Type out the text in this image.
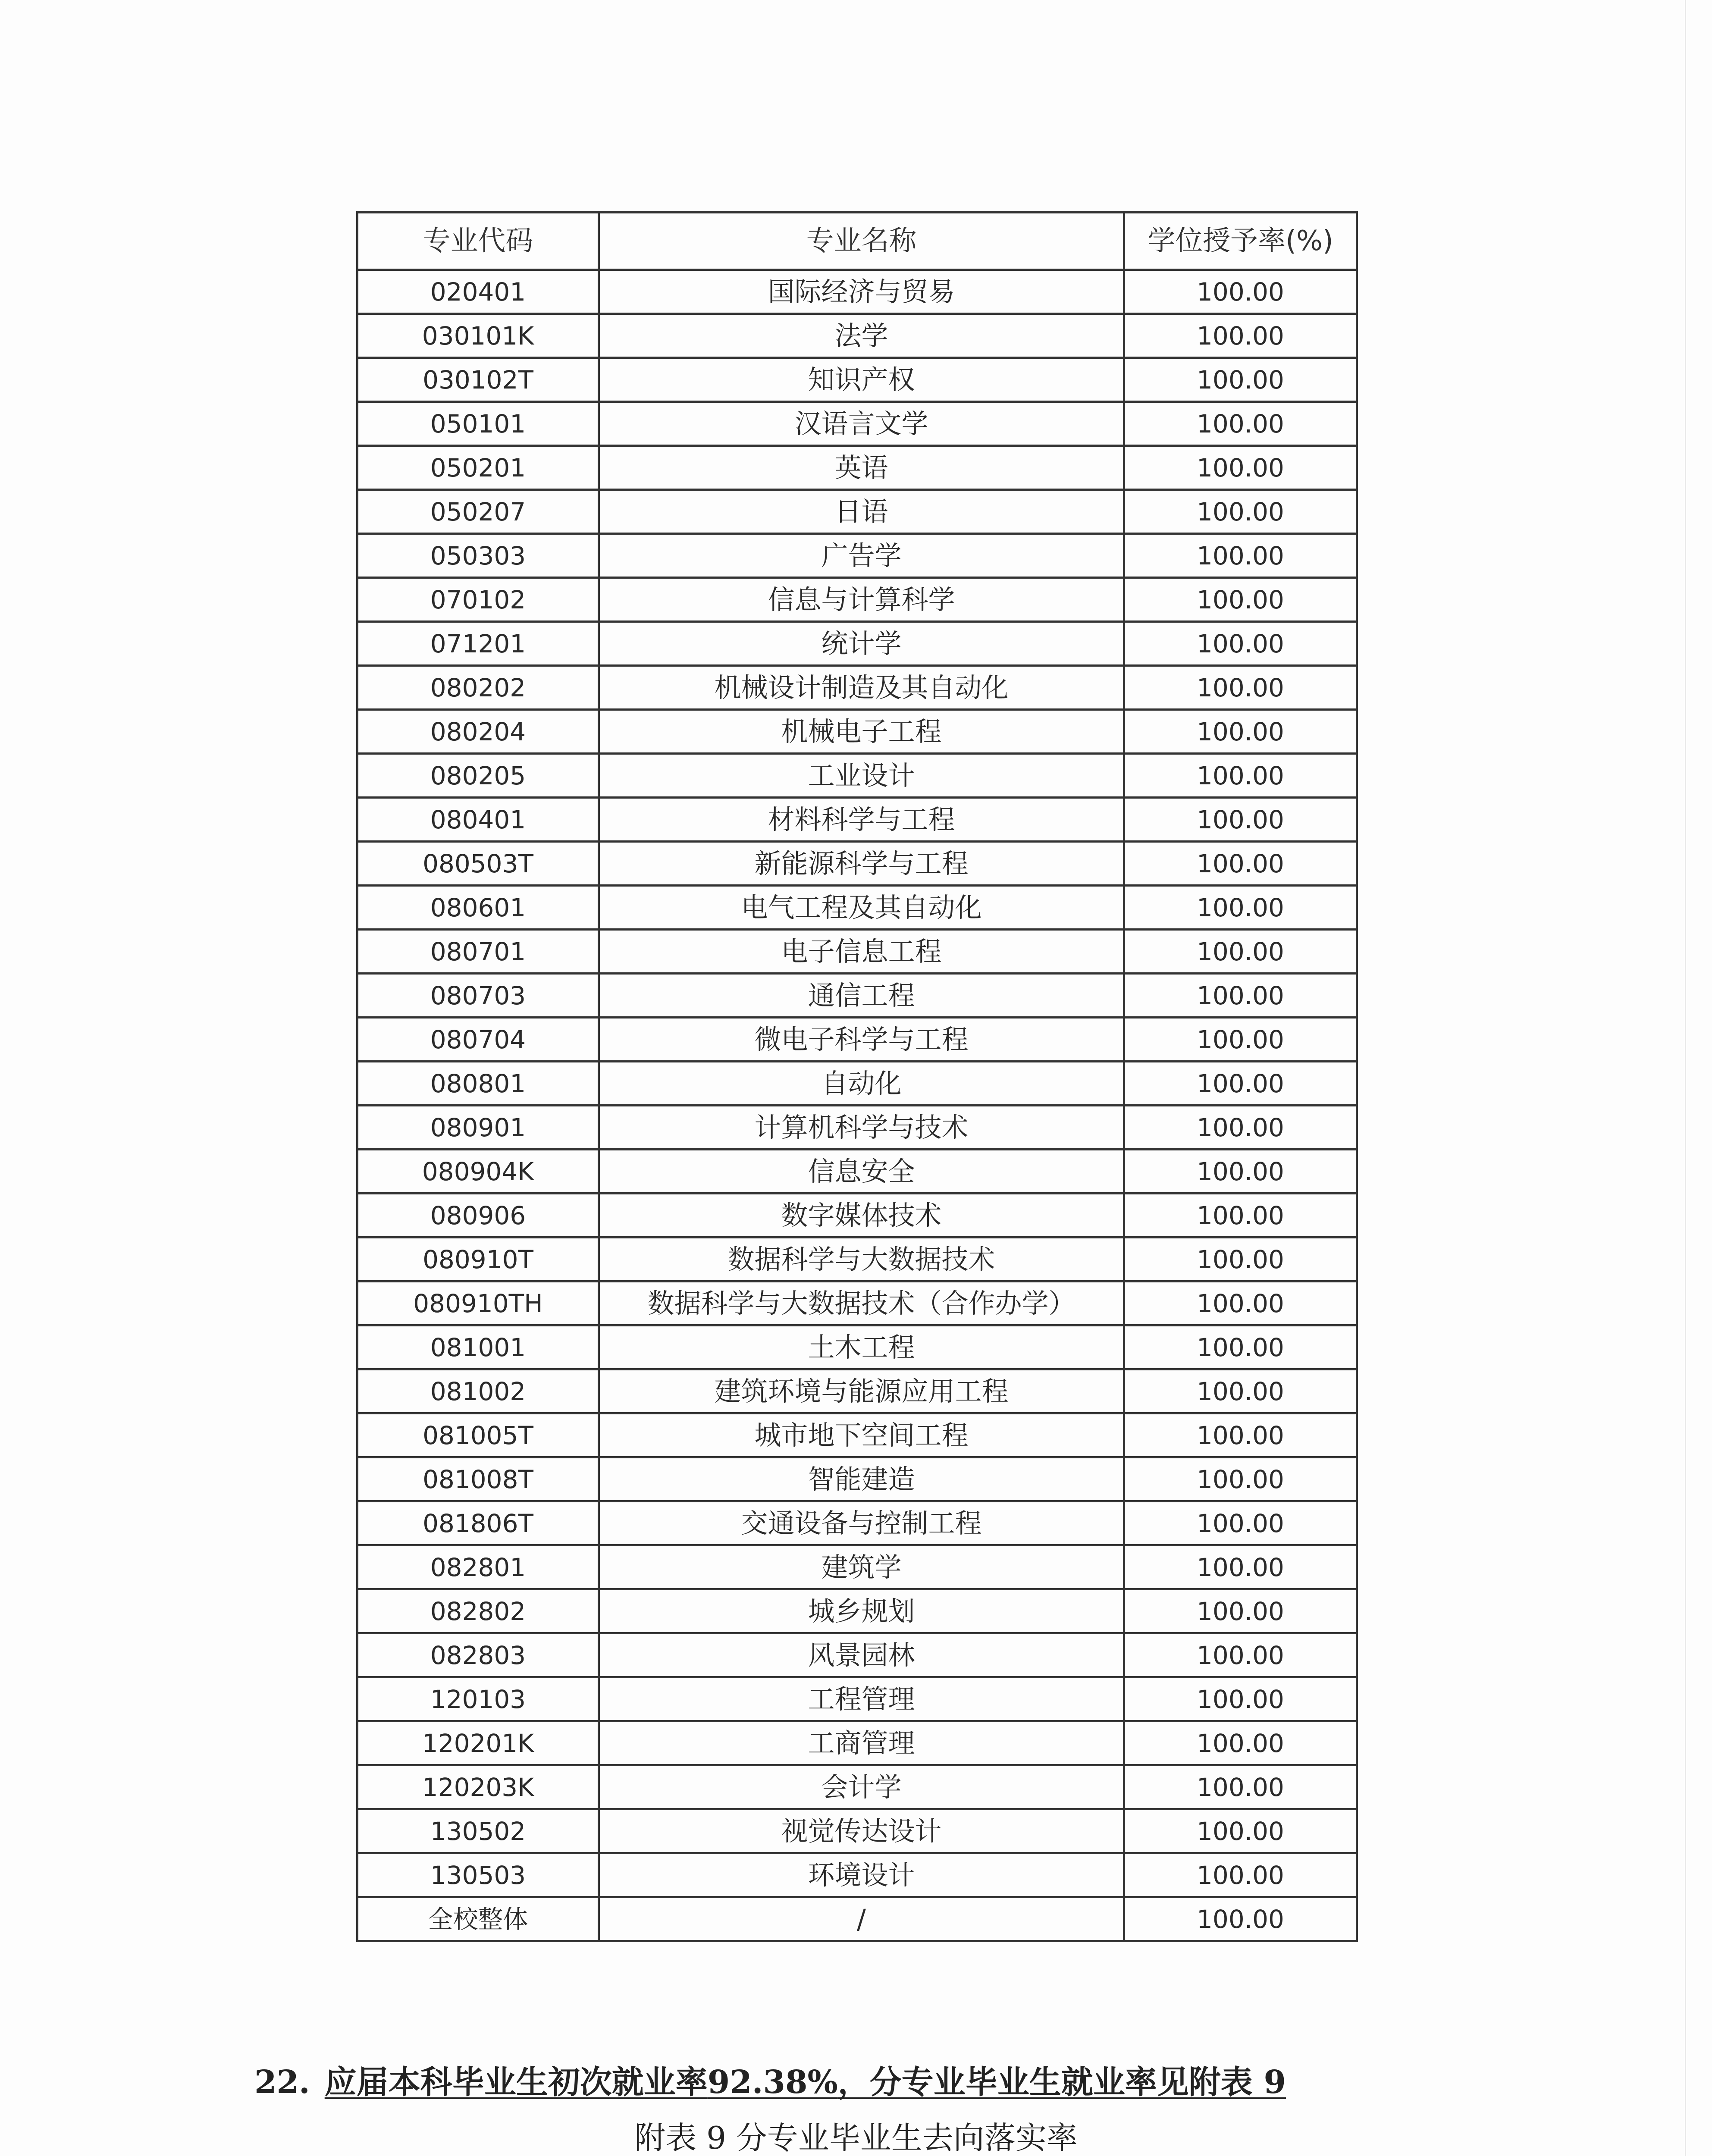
专业代码	专业名称	学位授予率(%)
020401	国际经济与贸易	100.00
030101K	法学	100.00
030102T	知识产权	100.00
050101	汉语言文学	100.00
050201	英语	100.00
050207	日语	100.00
050303	广告学	100.00
070102	信息与计算科学	100.00
071201	统计学	100.00
080202	机械设计制造及其自动化	100.00
080204	机械电子工程	100.00
080205	工业设计	100.00
080401	材料科学与工程	100.00
080503T	新能源科学与工程	100.00
080601	电气工程及其自动化	100.00
080701	电子信息工程	100.00
080703	通信工程	100.00
080704	微电子科学与工程	100.00
080801	自动化	100.00
080901	计算机科学与技术	100.00
080904K	信息安全	100.00
080906	数字媒体技术	100.00
080910T	数据科学与大数据技术	100.00
080910TH	数据科学与大数据技术（合作办学）	100.00
081001	土木工程	100.00
081002	建筑环境与能源应用工程	100.00
081005T	城市地下空间工程	100.00
081008T	智能建造	100.00
081806T	交通设备与控制工程	100.00
082801	建筑学	100.00
082802	城乡规划	100.00
082803	风景园林	100.00
120103	工程管理	100.00
120201K	工商管理	100.00
120203K	会计学	100.00
130502	视觉传达设计	100.00
130503	环境设计	100.00
全校整体	/	100.00
22. 应届本科毕业生初次就业率92.38%，分专业毕业生就业率见附表 9
附表 9 分专业毕业生去向落实率
